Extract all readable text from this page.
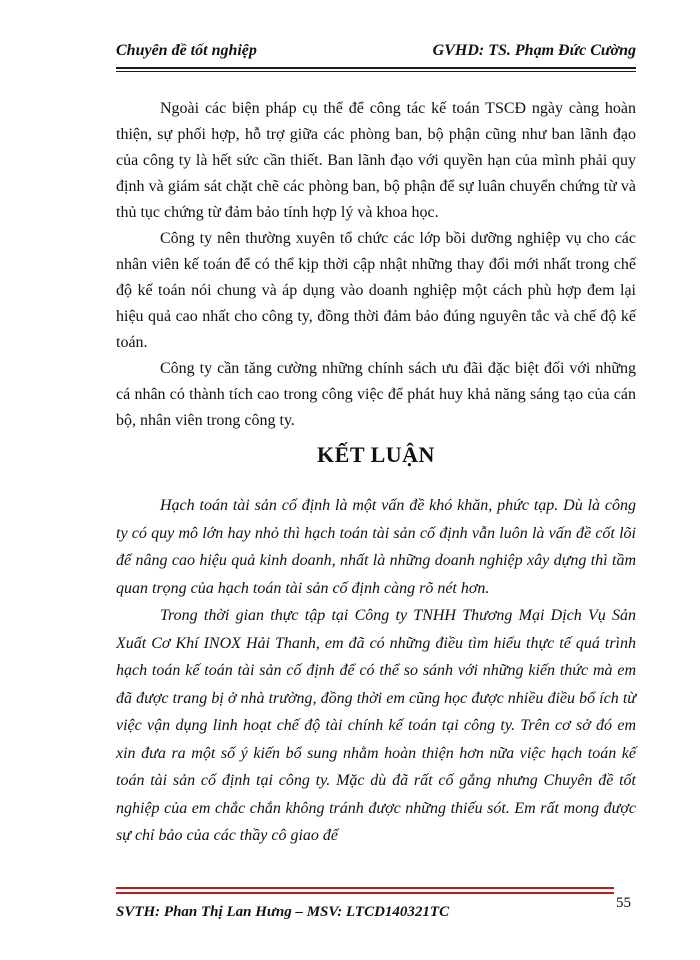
Chuyên đề tốt nghiệp	GVHD: TS. Phạm Đức Cường

Ngoài các biện pháp cụ thể để công tác kế toán TSCĐ ngày càng hoàn thiện, sự phối hợp, hỗ trợ giữa các phòng ban, bộ phận cũng như ban lãnh đạo của công ty là hết sức cần thiết. Ban lãnh đạo với quyền hạn của mình phải quy định và giám sát chặt chẽ các phòng ban, bộ phận để sự luân chuyển chứng từ và thủ tục chứng từ đảm bảo tính hợp lý và khoa học.

Công ty nên thường xuyên tổ chức các lớp bồi dưỡng nghiệp vụ cho các nhân viên kế toán để có thể kịp thời cập nhật những thay đổi mới nhất trong chế độ kế toán nói chung và áp dụng vào doanh nghiệp một cách phù hợp đem lại hiệu quả cao nhất cho công ty, đồng thời đảm bảo đúng nguyên tắc và chế độ kế toán.

Công ty cần tăng cường những chính sách ưu đãi đặc biệt đối với những cá nhân có thành tích cao trong công việc để phát huy khả năng sáng tạo của cán bộ, nhân viên trong công ty.

KẾT LUẬN

Hạch toán tài sản cố định là một vấn đề khó khăn, phức tạp. Dù là công ty có quy mô lớn hay nhỏ thì hạch toán tài sản cố định vẫn luôn là vấn đề cốt lõi để nâng cao hiệu quả kinh doanh, nhất là những doanh nghiệp xây dựng thì tầm quan trọng của hạch toán tài sản cố định càng rõ nét hơn.

Trong thời gian thực tập tại Công ty TNHH Thương Mại Dịch Vụ Sản Xuất Cơ Khí INOX Hải Thanh, em đã có những điều tìm hiểu thực tế quá trình hạch toán kế toán tài sản cố định để có thể so sánh với những kiến thức mà em đã được trang bị ở nhà trường, đồng thời em cũng học được nhiều điều bổ ích từ việc vận dụng linh hoạt chế độ tài chính kế toán tại công ty. Trên cơ sở đó em xin đưa ra một số ý kiến bổ sung nhằm hoàn thiện hơn nữa việc hạch toán kế toán tài sản cố định tại công ty. Mặc dù đã rất cố gắng nhưng Chuyên đề tốt nghiệp của em chắc chắn không tránh được những thiếu sót. Em rất mong được sự chỉ bảo của các thầy cô giao để

SVTH: Phan Thị Lan Hưng – MSV: LTCD140321TC
55
